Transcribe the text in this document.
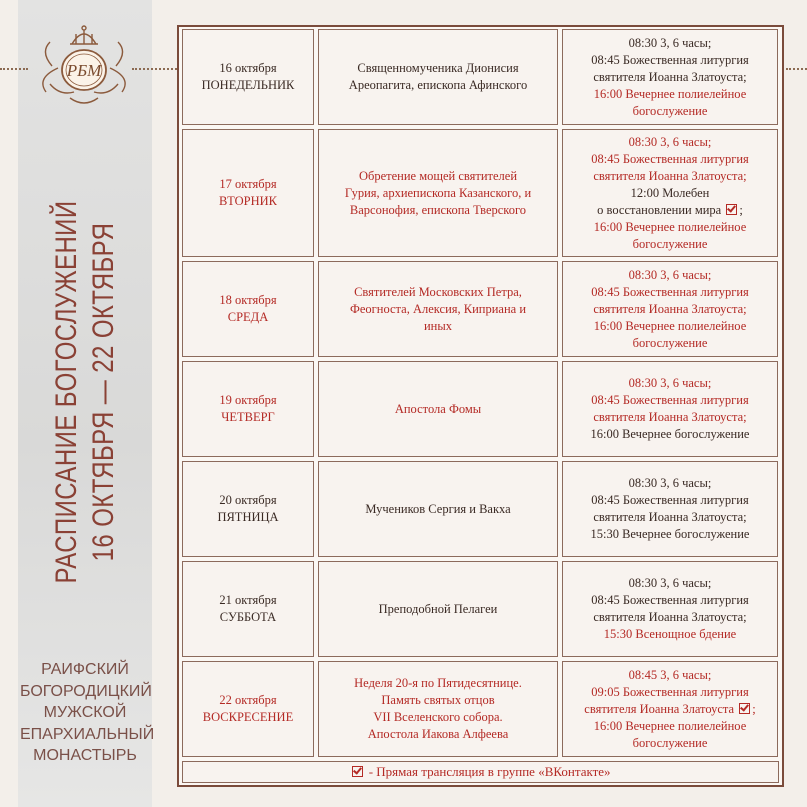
РБМ
РАСПИСАНИЕ БОГОСЛУЖЕНИЙ 16 ОКТЯБРЯ — 22 ОКТЯБРЯ
РАИФСКИЙ
БОГОРОДИЦКИЙ
МУЖСКОЙ
ЕПАРХИАЛЬНЫЙ
МОНАСТЫРЬ
16 октября
ПОНЕДЕЛЬНИК
Священномученика Дионисия
Ареопагита, епископа Афинского
08:30 3, 6 часы;
08:45 Божественная литургия
святителя Иоанна Златоуста;
16:00 Вечернее полиелейное
богослужение
17 октября
ВТОРНИК
Обретение мощей святителей
Гурия, архиепископа Казанского, и
Варсонофия, епископа Тверского
08:30 3, 6 часы;
08:45 Божественная литургия
святителя Иоанна Златоуста;
12:00 Молебен
о восстановлении мира ;
16:00 Вечернее полиелейное
богослужение
18 октября
СРЕДА
Святителей Московских Петра,
Феогноста, Алексия, Киприана и
иных
08:30 3, 6 часы;
08:45 Божественная литургия
святителя Иоанна Златоуста;
16:00 Вечернее полиелейное
богослужение
19 октября
ЧЕТВЕРГ
Апостола Фомы
08:30 3, 6 часы;
08:45 Божественная литургия
святителя Иоанна Златоуста;
16:00 Вечернее богослужение
20 октября
ПЯТНИЦА
Мучеников Сергия и Вакха
08:30 3, 6 часы;
08:45 Божественная литургия
святителя Иоанна Златоуста;
15:30 Вечернее богослужение
21 октября
СУББОТА
Преподобной Пелагеи
08:30 3, 6 часы;
08:45 Божественная литургия
святителя Иоанна Златоуста;
15:30 Всенощное бдение
22 октября
ВОСКРЕСЕНИЕ
Неделя 20-я по Пятидесятнице.
Память святых отцов
VII Вселенского собора.
Апостола Иакова Алфеева
08:45 3, 6 часы;
09:05 Божественная литургия
святителя Иоанна Златоуста ;
16:00 Вечернее полиелейное
богослужение
- Прямая трансляция в группе «ВКонтакте»
